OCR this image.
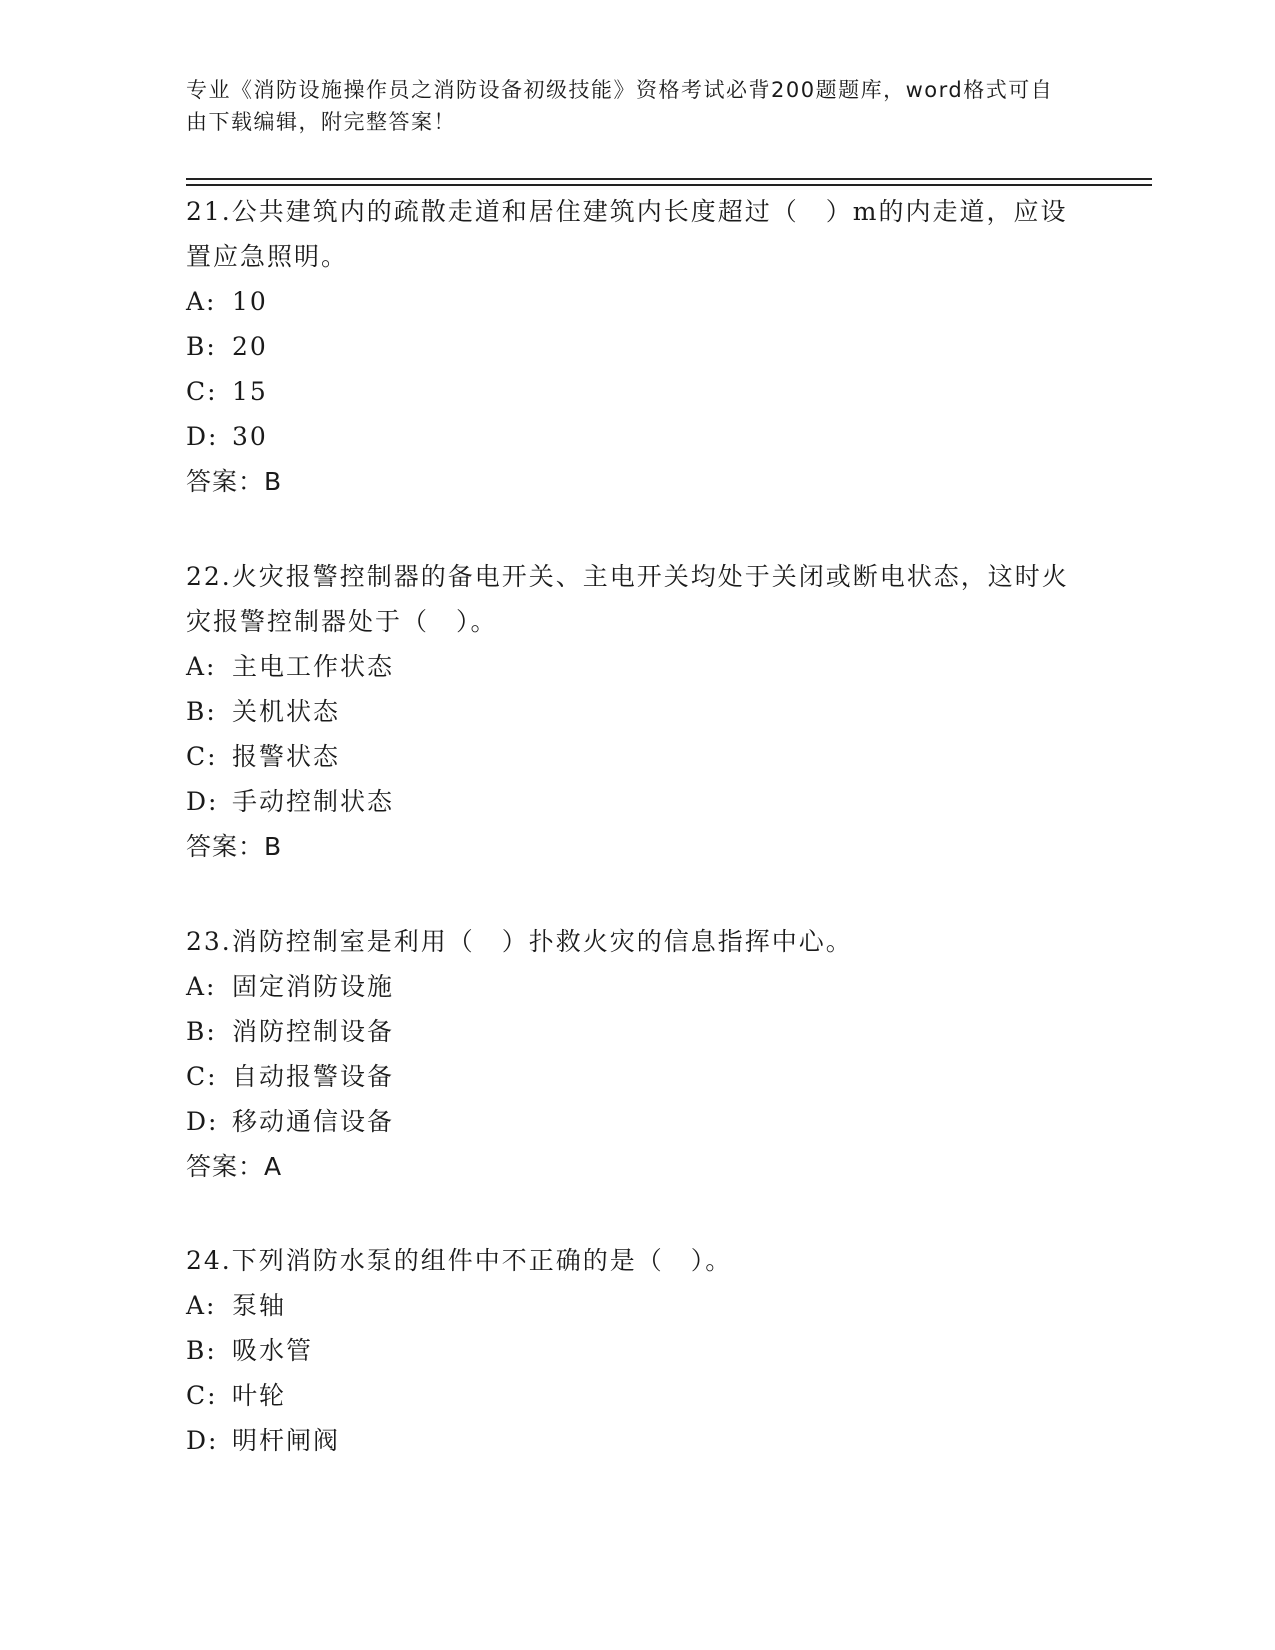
专业《消防设施操作员之消防设备初级技能》资格考试必背200题题库，word格式可自由下载编辑，附完整答案！
21.公共建筑内的疏散走道和居住建筑内长度超过（　）m的内走道，应设置应急照明。
A: 10
B: 20
C: 15
D: 30
答案：B
22.火灾报警控制器的备电开关、主电开关均处于关闭或断电状态，这时火灾报警控制器处于（　）。
A: 主电工作状态
B: 关机状态
C: 报警状态
D: 手动控制状态
答案：B
23.消防控制室是利用（　）扑救火灾的信息指挥中心。
A: 固定消防设施
B: 消防控制设备
C: 自动报警设备
D: 移动通信设备
答案：A
24.下列消防水泵的组件中不正确的是（　）。
A: 泵轴
B: 吸水管
C: 叶轮
D: 明杆闸阀
